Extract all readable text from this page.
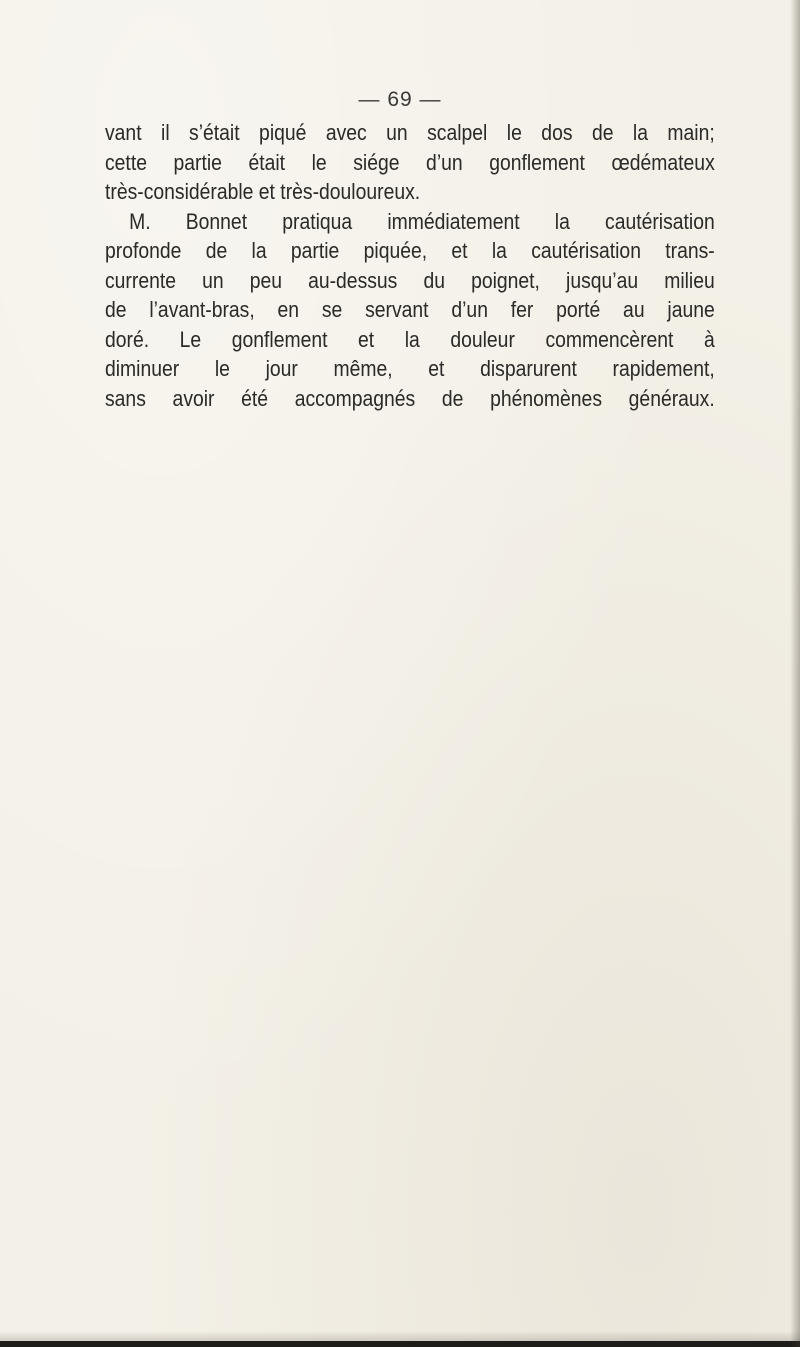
— 69 —
vant il s’était piqué avec un scalpel le dos de la main;
cette partie était le siége d’un gonflement œdémateux
très-considérable et très-douloureux.
M. Bonnet pratiqua immédiatement la cautérisation
profonde de la partie piquée, et la cautérisation trans-
currente un peu au-dessus du poignet, jusqu’au milieu
de l’avant-bras, en se servant d’un fer porté au jaune
doré. Le gonflement et la douleur commencèrent à
diminuer le jour même, et disparurent rapidement,
sans avoir été accompagnés de phénomènes généraux.
